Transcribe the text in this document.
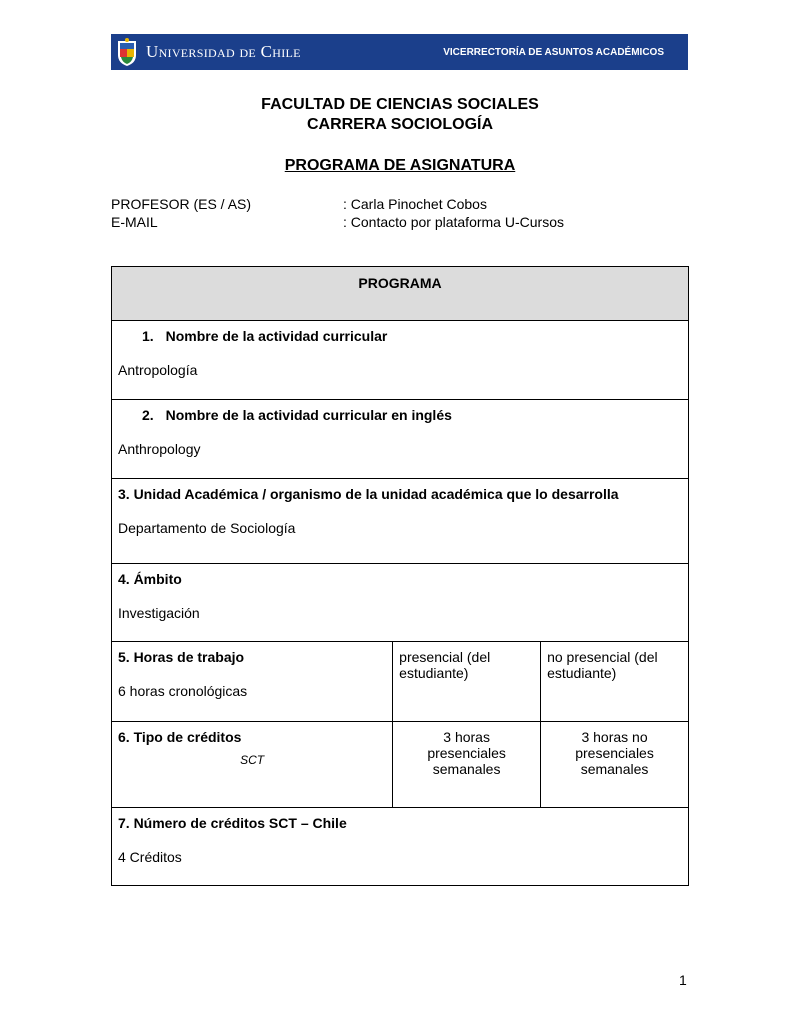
Universidad de Chile	VICERRECTORÍA DE ASUNTOS ACADÉMICOS
FACULTAD DE CIENCIAS SOCIALES
CARRERA SOCIOLOGÍA
PROGRAMA DE ASIGNATURA
PROFESOR (ES / AS)	: Carla Pinochet Cobos
E-MAIL	: Contacto por plataforma U-Cursos
PROGRAMA		

1. Nombre de la actividad curricular
Antropología		

2. Nombre de la actividad curricular en inglés
Anthropology		

3. Unidad Académica / organismo de la unidad académica que lo desarrolla
Departamento de Sociología		

4. Ámbito
Investigación		

5. Horas de trabajo
6 horas cronológicas	presencial (del estudiante)	no presencial (del estudiante)

6. Tipo de créditos
SCT	3 horas presenciales semanales	3 horas no presenciales semanales

7. Número de créditos SCT – Chile
4 Créditos		
1
